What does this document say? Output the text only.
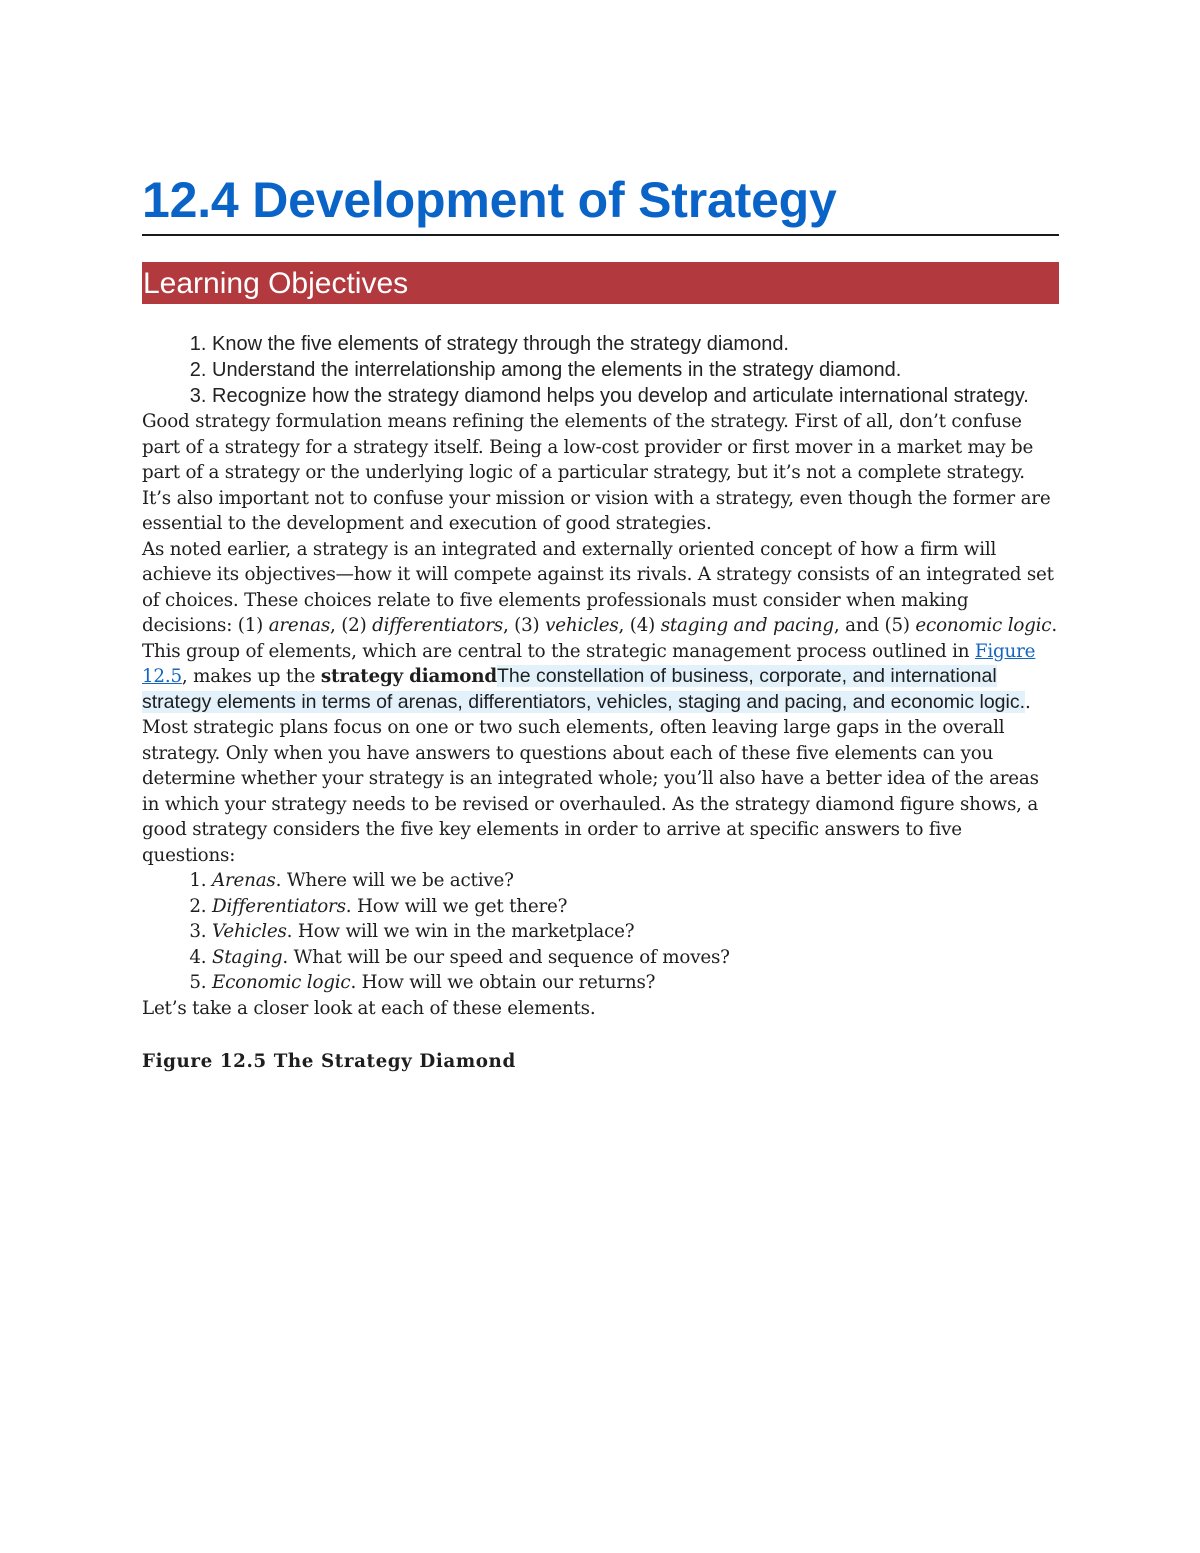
12.4 Development of Strategy
Learning Objectives
1. Know the five elements of strategy through the strategy diamond.
2. Understand the interrelationship among the elements in the strategy diamond.
3. Recognize how the strategy diamond helps you develop and articulate international strategy.

Good strategy formulation means refining the elements of the strategy. First of all, don’t confuse part of a strategy for a strategy itself. Being a low-cost provider or first mover in a market may be part of a strategy or the underlying logic of a particular strategy, but it’s not a complete strategy. It’s also important not to confuse your mission or vision with a strategy, even though the former are essential to the development and execution of good strategies.

As noted earlier, a strategy is an integrated and externally oriented concept of how a firm will achieve its objectives—how it will compete against its rivals. A strategy consists of an integrated set of choices. These choices relate to five elements professionals must consider when making decisions: (1) arenas, (2) differentiators, (3) vehicles, (4) staging and pacing, and (5) economic logic. This group of elements, which are central to the strategic management process outlined in Figure 12.5, makes up the strategy diamondThe constellation of business, corporate, and international strategy elements in terms of arenas, differentiators, vehicles, staging and pacing, and economic logic.. Most strategic plans focus on one or two such elements, often leaving large gaps in the overall strategy. Only when you have answers to questions about each of these five elements can you determine whether your strategy is an integrated whole; you’ll also have a better idea of the areas in which your strategy needs to be revised or overhauled. As the strategy diamond figure shows, a good strategy considers the five key elements in order to arrive at specific answers to five questions:

1. Arenas. Where will we be active?
2. Differentiators. How will we get there?
3. Vehicles. How will we win in the marketplace?
4. Staging. What will be our speed and sequence of moves?
5. Economic logic. How will we obtain our returns?

Let’s take a closer look at each of these elements.

Figure 12.5 The Strategy Diamond
